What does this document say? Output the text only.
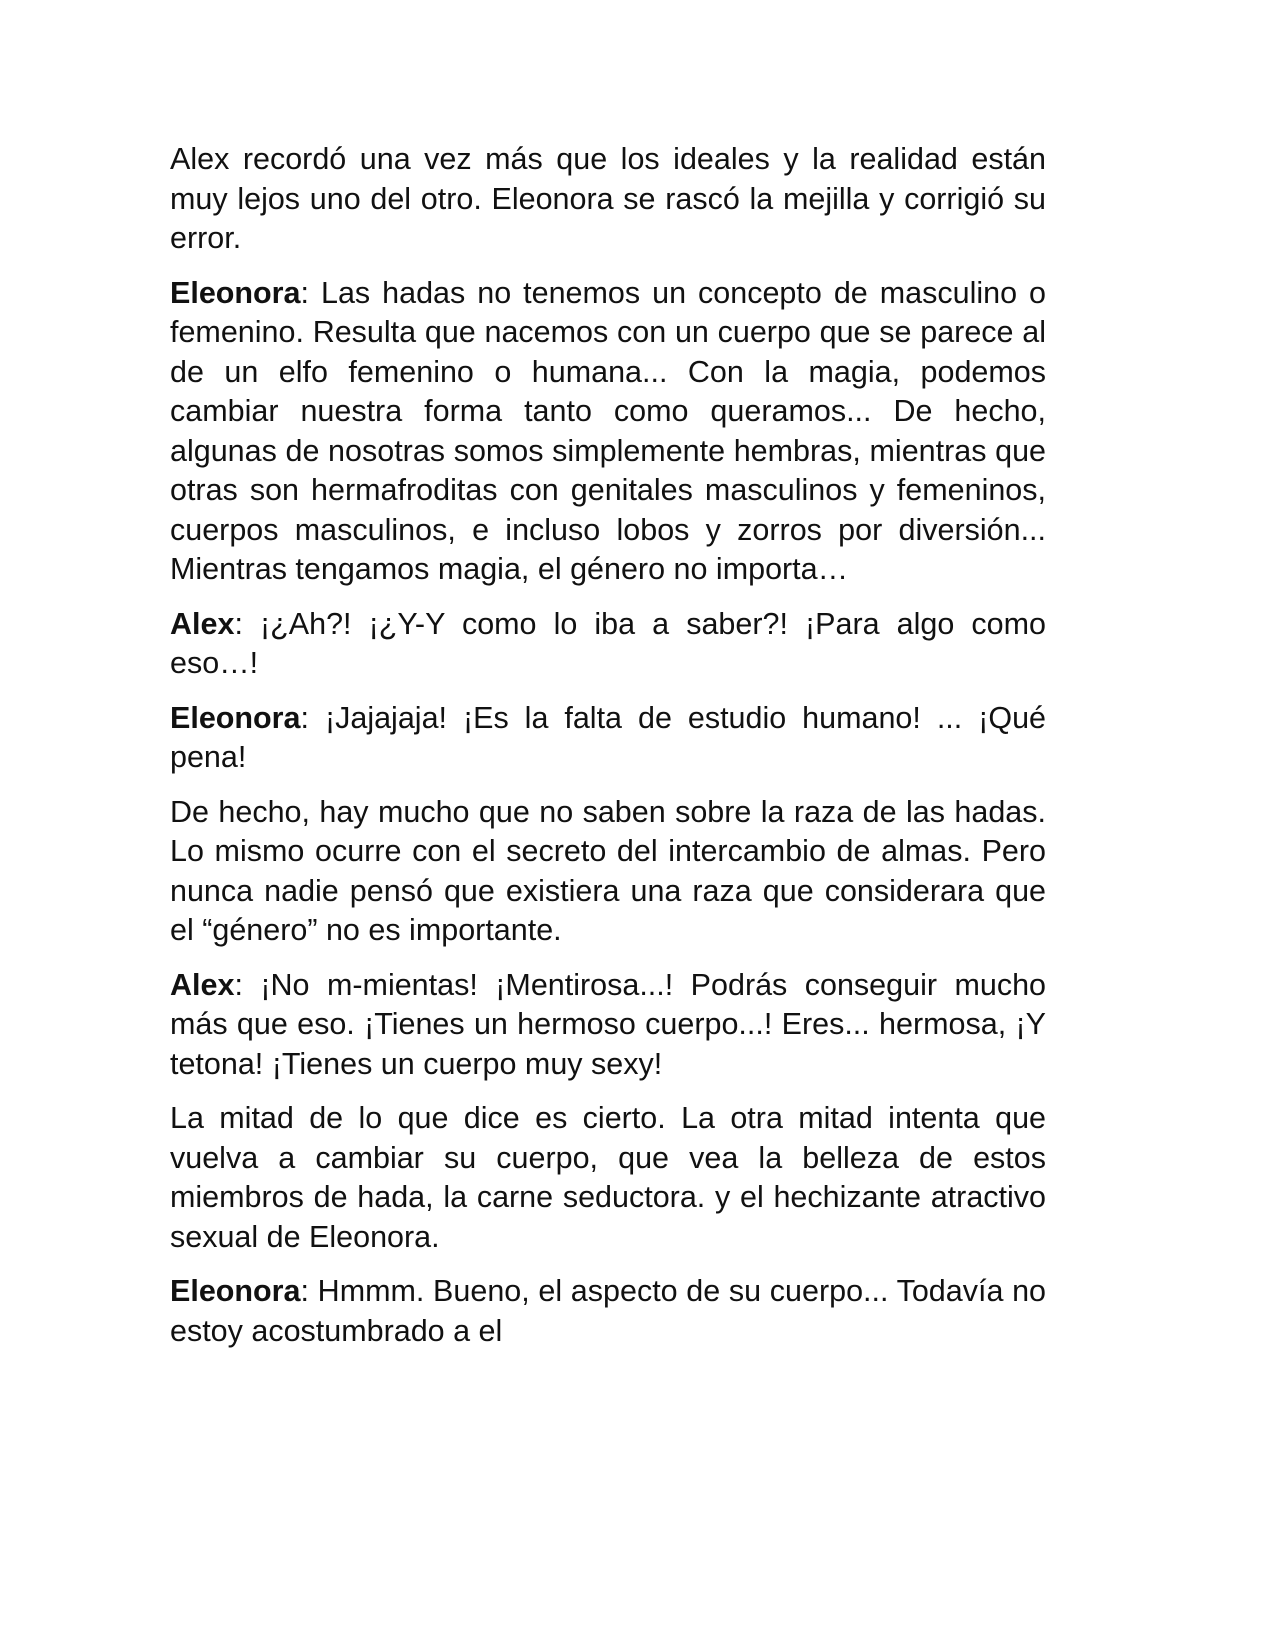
Alex recordó una vez más que los ideales y la realidad están muy lejos uno del otro. Eleonora se rascó la mejilla y corrigió su error.

Eleonora: Las hadas no tenemos un concepto de masculino o femenino. Resulta que nacemos con un cuerpo que se parece al de un elfo femenino o humana... Con la magia, podemos cambiar nuestra forma tanto como queramos... De hecho, algunas de nosotras somos simplemente hembras, mientras que otras son hermafroditas con genitales masculinos y femeninos, cuerpos masculinos, e incluso lobos y zorros por diversión... Mientras tengamos magia, el género no importa…

Alex: ¡¿Ah?! ¡¿Y-Y como lo iba a saber?! ¡Para algo como eso…!

Eleonora: ¡Jajajaja! ¡Es la falta de estudio humano! ... ¡Qué pena!

De hecho, hay mucho que no saben sobre la raza de las hadas. Lo mismo ocurre con el secreto del intercambio de almas. Pero nunca nadie pensó que existiera una raza que considerara que el “género” no es importante.

Alex: ¡No m-mientas! ¡Mentirosa...! Podrás conseguir mucho más que eso. ¡Tienes un hermoso cuerpo...! Eres... hermosa, ¡Y tetona! ¡Tienes un cuerpo muy sexy!

La mitad de lo que dice es cierto. La otra mitad intenta que vuelva a cambiar su cuerpo, que vea la belleza de estos miembros de hada, la carne seductora. y el hechizante atractivo sexual de Eleonora.

Eleonora: Hmmm. Bueno, el aspecto de su cuerpo... Todavía no estoy acostumbrado a el
